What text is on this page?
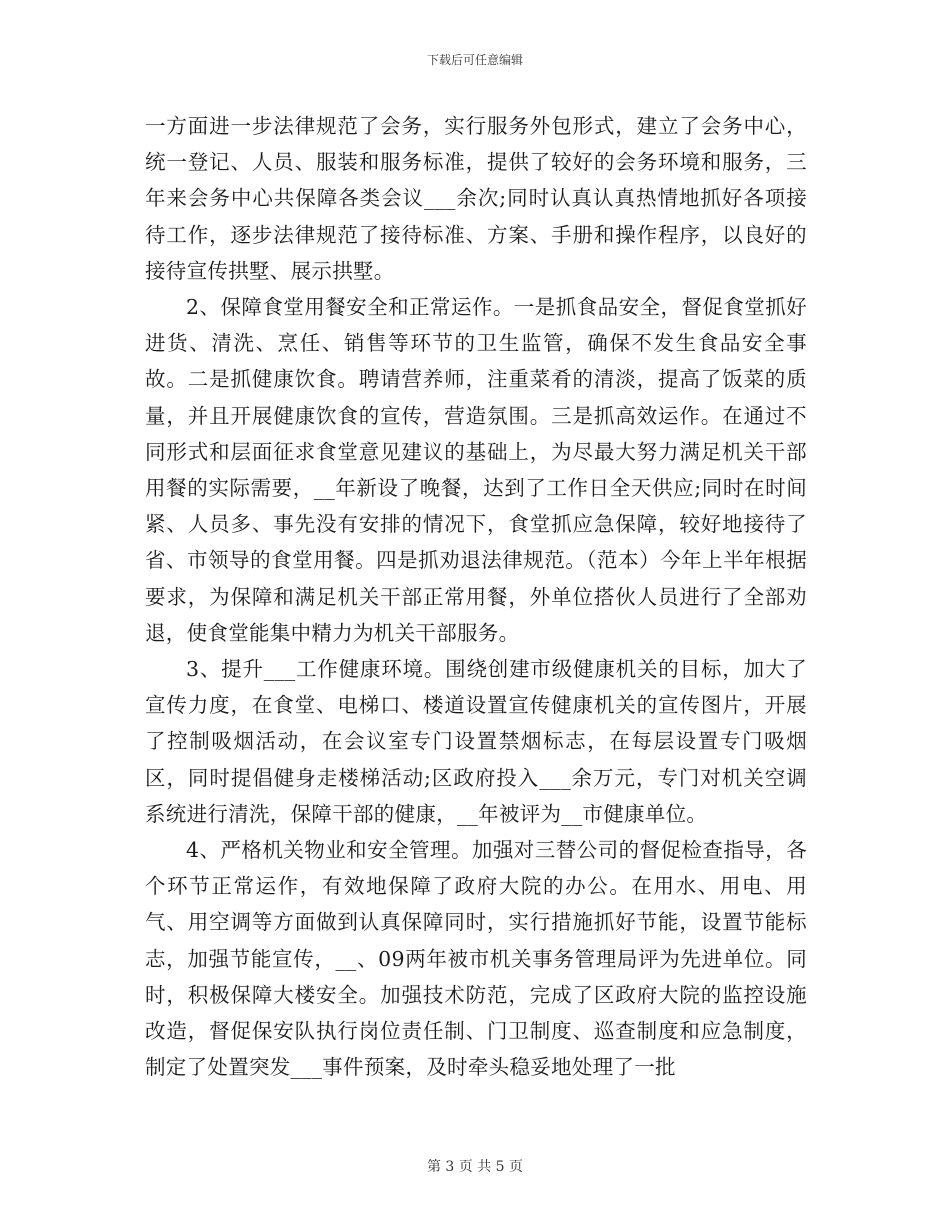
下载后可任意编辑

一方面进一步法律规范了会务，实行服务外包形式，建立了会务中心，统一登记、人员、服装和服务标准，提供了较好的会务环境和服务，三年来会务中心共保障各类会议___余次;同时认真认真热情地抓好各项接待工作，逐步法律规范了接待标准、方案、手册和操作程序，以良好的接待宣传拱墅、展示拱墅。

2、保障食堂用餐安全和正常运作。一是抓食品安全，督促食堂抓好进货、清洗、烹任、销售等环节的卫生监管，确保不发生食品安全事故。二是抓健康饮食。聘请营养师，注重菜肴的清淡，提高了饭菜的质量，并且开展健康饮食的宣传，营造氛围。三是抓高效运作。在通过不同形式和层面征求食堂意见建议的基础上，为尽最大努力满足机关干部用餐的实际需要，__年新设了晚餐，达到了工作日全天供应;同时在时间紧、人员多、事先没有安排的情况下，食堂抓应急保障，较好地接待了省、市领导的食堂用餐。四是抓劝退法律规范。（范本）今年上半年根据要求，为保障和满足机关干部正常用餐，外单位搭伙人员进行了全部劝退，使食堂能集中精力为机关干部服务。

3、提升___工作健康环境。围绕创建市级健康机关的目标，加大了宣传力度，在食堂、电梯口、楼道设置宣传健康机关的宣传图片，开展了控制吸烟活动，在会议室专门设置禁烟标志，在每层设置专门吸烟区，同时提倡健身走楼梯活动;区政府投入___余万元，专门对机关空调系统进行清洗，保障干部的健康，__年被评为__市健康单位。

4、严格机关物业和安全管理。加强对三替公司的督促检查指导，各个环节正常运作，有效地保障了政府大院的办公。在用水、用电、用气、用空调等方面做到认真保障同时，实行措施抓好节能，设置节能标志，加强节能宣传，__、09两年被市机关事务管理局评为先进单位。同时，积极保障大楼安全。加强技术防范，完成了区政府大院的监控设施改造，督促保安队执行岗位责任制、门卫制度、巡查制度和应急制度，制定了处置突发___事件预案，及时牵头稳妥地处理了一批

第 3 页 共 5 页
